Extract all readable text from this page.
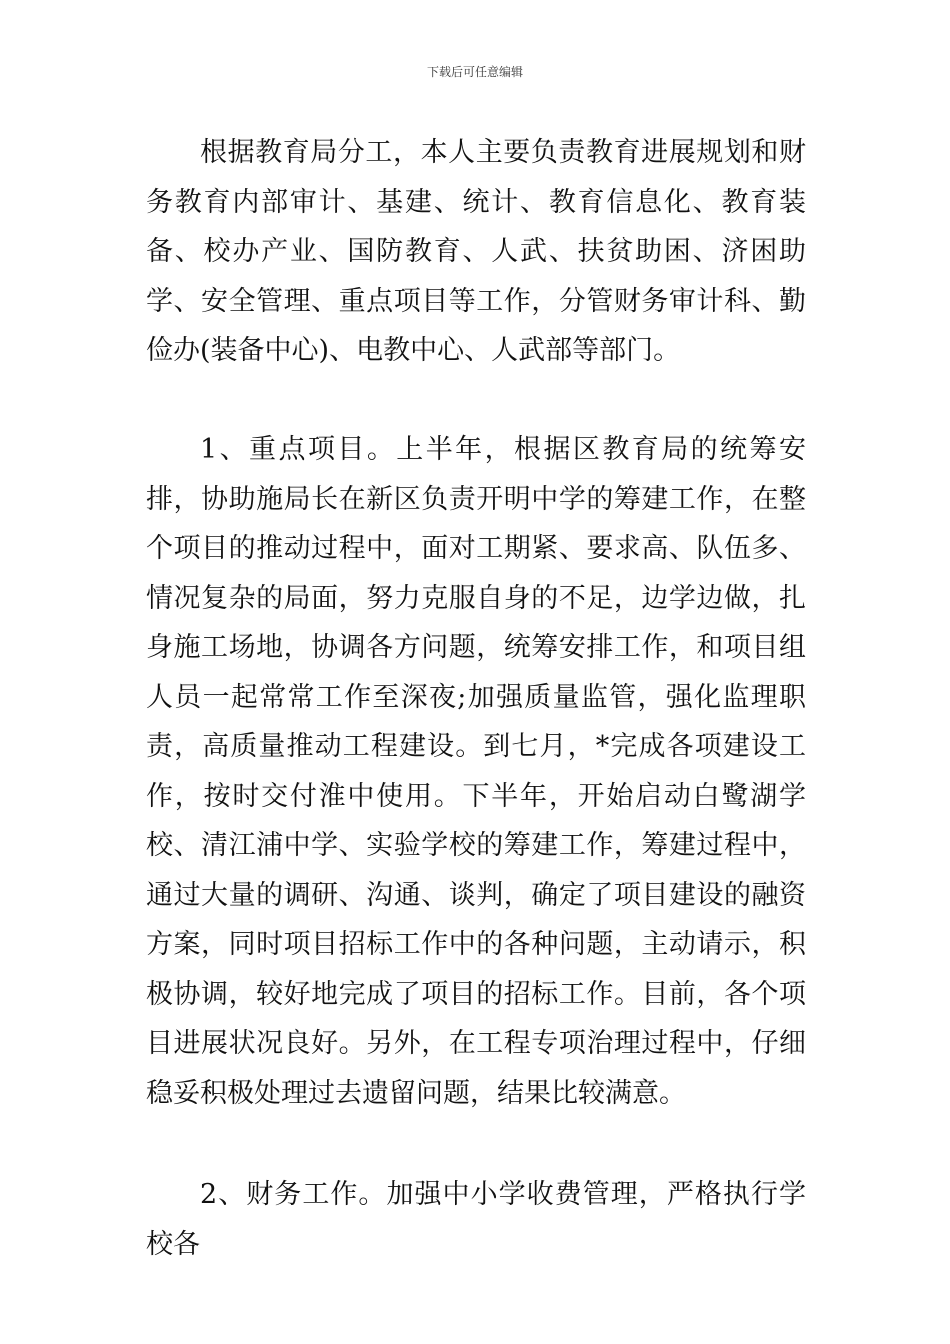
下载后可任意编辑

根据教育局分工，本人主要负责教育进展规划和财务教育内部审计、基建、统计、教育信息化、教育装备、校办产业、国防教育、人武、扶贫助困、济困助学、安全管理、重点项目等工作，分管财务审计科、勤俭办(装备中心)、电教中心、人武部等部门。

1、重点项目。上半年，根据区教育局的统筹安排，协助施局长在新区负责开明中学的筹建工作，在整个项目的推动过程中，面对工期紧、要求高、队伍多、情况复杂的局面，努力克服自身的不足，边学边做，扎身施工场地，协调各方问题，统筹安排工作，和项目组人员一起常常工作至深夜;加强质量监管，强化监理职责，高质量推动工程建设。到七月，*完成各项建设工作，按时交付淮中使用。下半年，开始启动白鹭湖学校、清江浦中学、实验学校的筹建工作，筹建过程中，通过大量的调研、沟通、谈判，确定了项目建设的融资方案，同时项目招标工作中的各种问题，主动请示，积极协调，较好地完成了项目的招标工作。目前，各个项目进展状况良好。另外，在工程专项治理过程中，仔细稳妥积极处理过去遗留问题，结果比较满意。

2、财务工作。加强中小学收费管理，严格执行学校各
